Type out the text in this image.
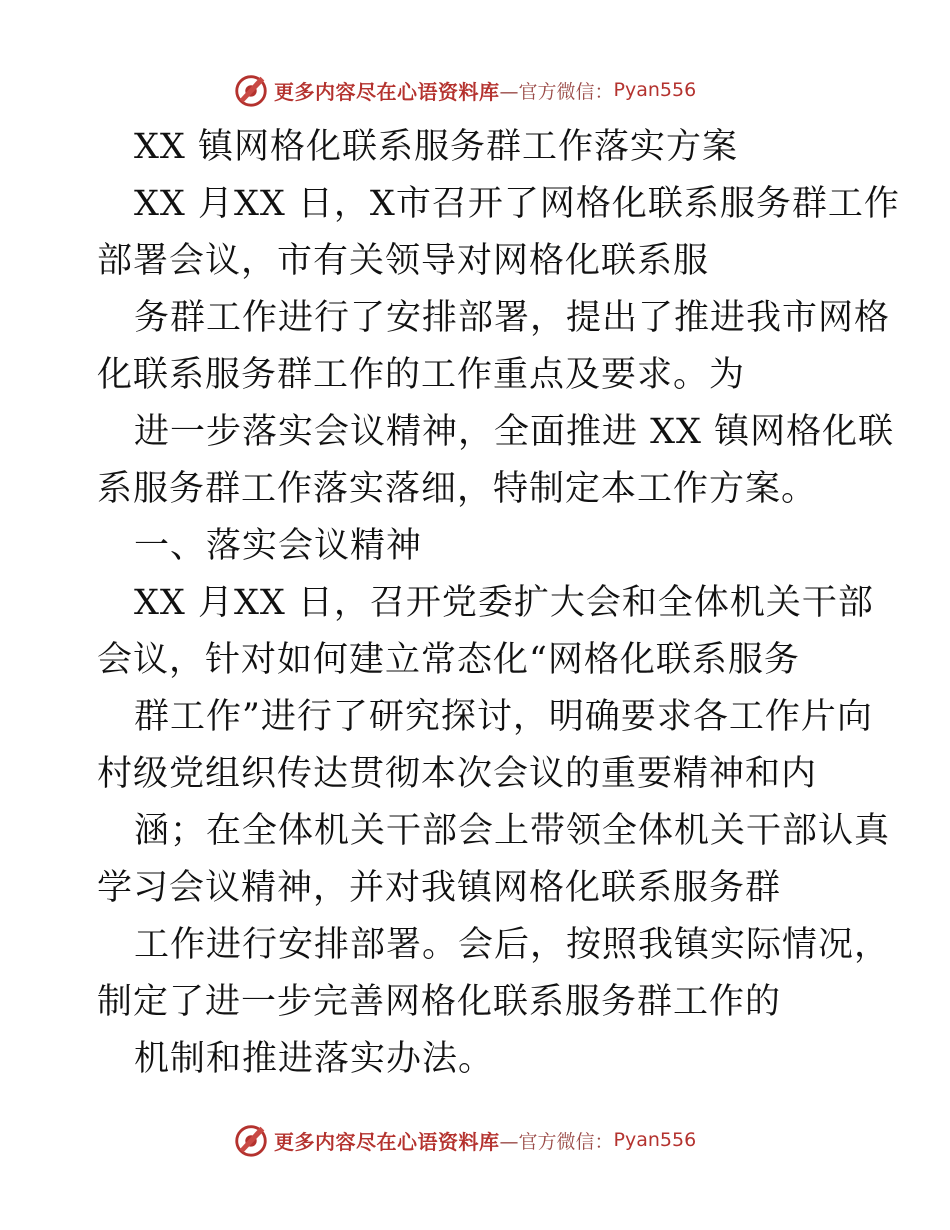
更多内容尽在心语资料库 —官方微信： Pyan556
XX 镇网格化联系服务群工作落实方案
XX 月XX 日，X市召开了网格化联系服务群工作
部署会议，市有关领导对网格化联系服
务群工作进行了安排部署，提出了推进我市网格
化联系服务群工作的工作重点及要求。为
进一步落实会议精神，全面推进 XX 镇网格化联
系服务群工作落实落细，特制定本工作方案。
一、落实会议精神
XX 月XX 日，召开党委扩大会和全体机关干部
会议，针对如何建立常态化“网格化联系服务
群工作”进行了研究探讨，明确要求各工作片向
村级党组织传达贯彻本次会议的重要精神和内
涵；在全体机关干部会上带领全体机关干部认真
学习会议精神，并对我镇网格化联系服务群
工作进行安排部署。会后，按照我镇实际情况，
制定了进一步完善网格化联系服务群工作的
机制和推进落实办法。
更多内容尽在心语资料库 —官方微信： Pyan556
